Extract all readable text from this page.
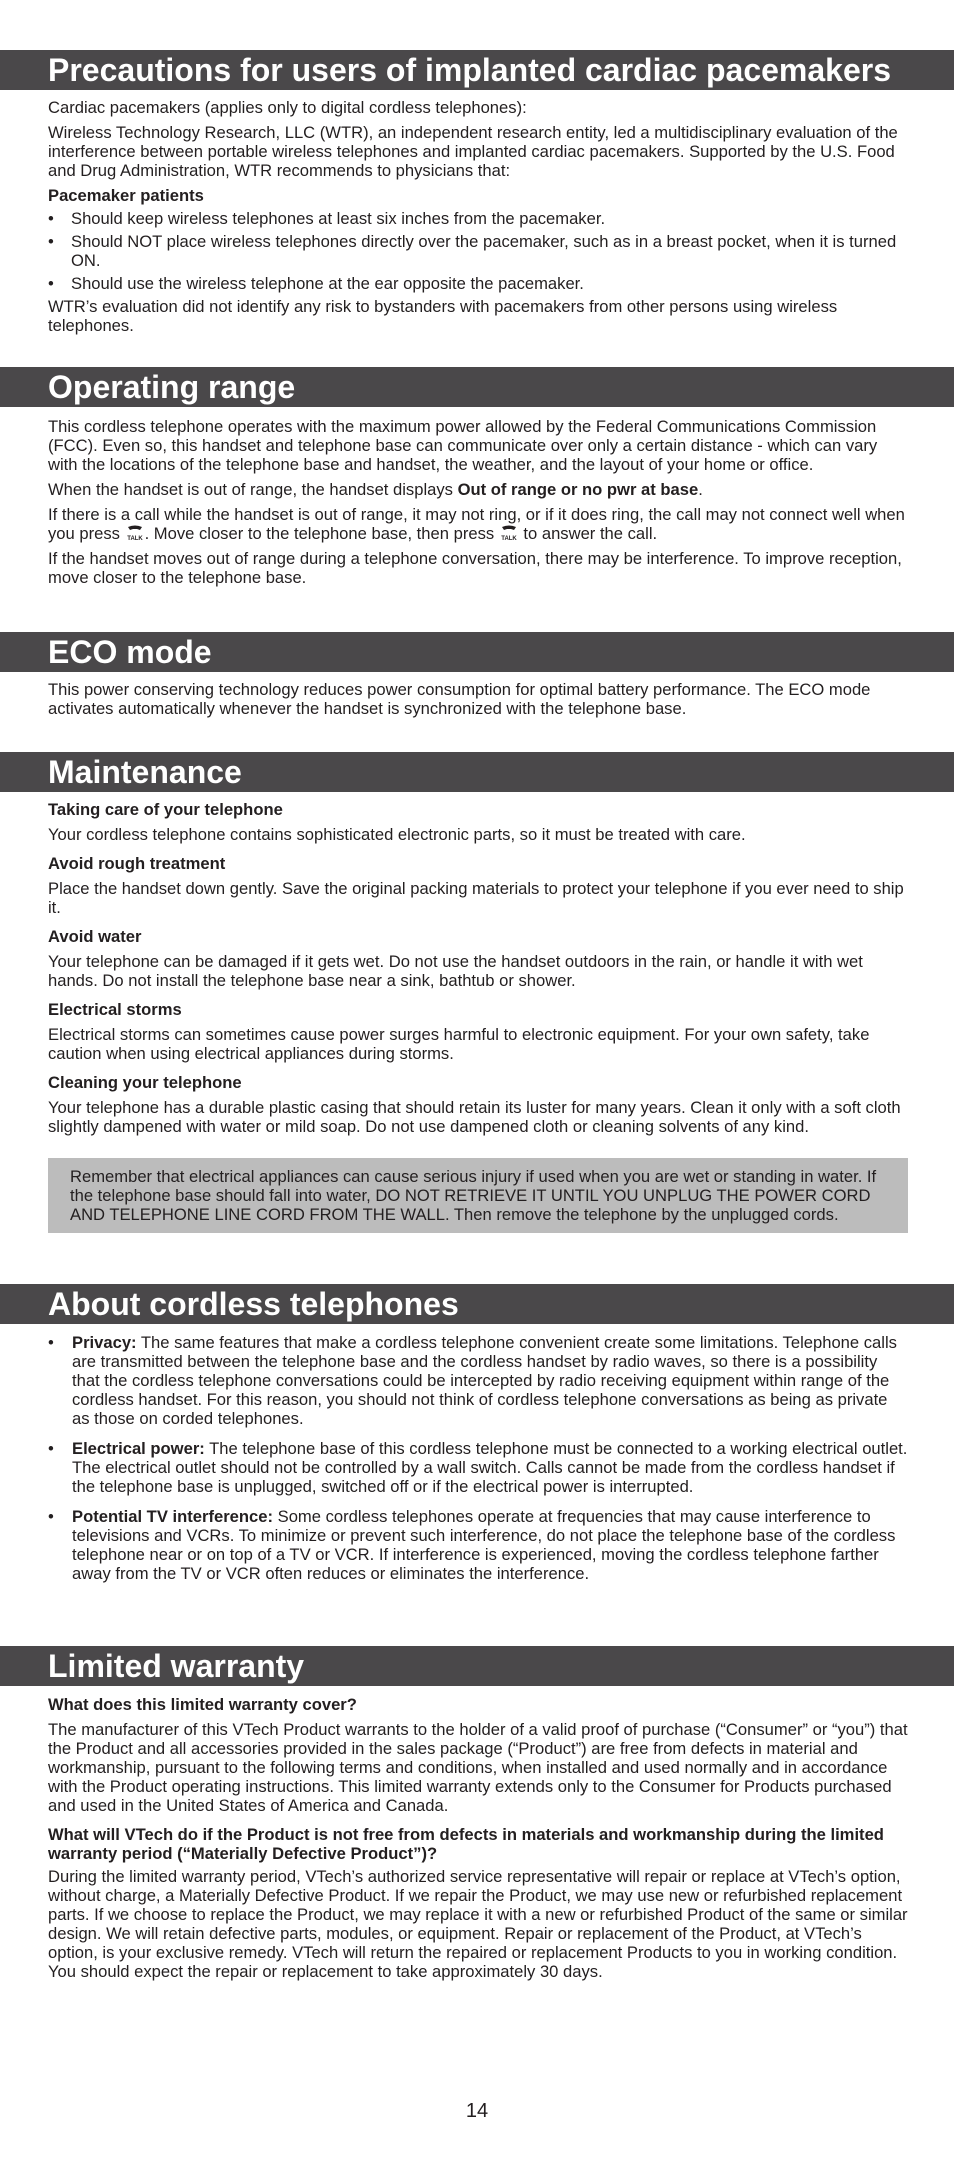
Precautions for users of implanted cardiac pacemakers

Cardiac pacemakers (applies only to digital cordless telephones):

Wireless Technology Research, LLC (WTR), an independent research entity, led a multidisciplinary evaluation of the interference between portable wireless telephones and implanted cardiac pacemakers. Supported by the U.S. Food and Drug Administration, WTR recommends to physicians that:

Pacemaker patients

• Should keep wireless telephones at least six inches from the pacemaker.
• Should NOT place wireless telephones directly over the pacemaker, such as in a breast pocket, when it is turned ON.
• Should use the wireless telephone at the ear opposite the pacemaker.

WTR’s evaluation did not identify any risk to bystanders with pacemakers from other persons using wireless telephones.

Operating range

This cordless telephone operates with the maximum power allowed by the Federal Communications Commission (FCC). Even so, this handset and telephone base can communicate over only a certain distance - which can vary with the locations of the telephone base and handset, the weather, and the layout of your home or office.

When the handset is out of range, the handset displays Out of range or no pwr at base.

If there is a call while the handset is out of range, it may not ring, or if it does ring, the call may not connect well when you press TALK . Move closer to the telephone base, then press TALK to answer the call.

If the handset moves out of range during a telephone conversation, there may be interference. To improve reception, move closer to the telephone base.

ECO mode

This power conserving technology reduces power consumption for optimal battery performance. The ECO mode activates automatically whenever the handset is synchronized with the telephone base.

Maintenance

Taking care of your telephone

Your cordless telephone contains sophisticated electronic parts, so it must be treated with care.

Avoid rough treatment

Place the handset down gently. Save the original packing materials to protect your telephone if you ever need to ship it.

Avoid water

Your telephone can be damaged if it gets wet. Do not use the handset outdoors in the rain, or handle it with wet hands. Do not install the telephone base near a sink, bathtub or shower.

Electrical storms

Electrical storms can sometimes cause power surges harmful to electronic equipment. For your own safety, take caution when using electrical appliances during storms.

Cleaning your telephone

Your telephone has a durable plastic casing that should retain its luster for many years. Clean it only with a soft cloth slightly dampened with water or mild soap. Do not use dampened cloth or cleaning solvents of any kind.

Remember that electrical appliances can cause serious injury if used when you are wet or standing in water. If the telephone base should fall into water, DO NOT RETRIEVE IT UNTIL YOU UNPLUG THE POWER CORD AND TELEPHONE LINE CORD FROM THE WALL. Then remove the telephone by the unplugged cords.
About cordless telephones
• Privacy: The same features that make a cordless telephone convenient create some limitations. Telephone calls are transmitted between the telephone base and the cordless handset by radio waves, so there is a possibility that the cordless telephone conversations could be intercepted by radio receiving equipment within range of the cordless handset. For this reason, you should not think of cordless telephone conversations as being as private as those on corded telephones.
• Electrical power: The telephone base of this cordless telephone must be connected to a working electrical outlet. The electrical outlet should not be controlled by a wall switch. Calls cannot be made from the cordless handset if the telephone base is unplugged, switched off or if the electrical power is interrupted.
• Potential TV interference: Some cordless telephones operate at frequencies that may cause interference to televisions and VCRs. To minimize or prevent such interference, do not place the telephone base of the cordless telephone near or on top of a TV or VCR. If interference is experienced, moving the cordless telephone farther away from the TV or VCR often reduces or eliminates the interference.
Limited warranty

What does this limited warranty cover?

The manufacturer of this VTech Product warrants to the holder of a valid proof of purchase (“Consumer” or “you”) that the Product and all accessories provided in the sales package (“Product”) are free from defects in material and workmanship, pursuant to the following terms and conditions, when installed and used normally and in accordance with the Product operating instructions. This limited warranty extends only to the Consumer for Products purchased and used in the United States of America and Canada.

What will VTech do if the Product is not free from defects in materials and workmanship during the limited warranty period (“Materially Defective Product”)?

During the limited warranty period, VTech’s authorized service representative will repair or replace at VTech’s option, without charge, a Materially Defective Product. If we repair the Product, we may use new or refurbished replacement parts. If we choose to replace the Product, we may replace it with a new or refurbished Product of the same or similar design. We will retain defective parts, modules, or equipment. Repair or replacement of the Product, at VTech’s option, is your exclusive remedy. VTech will return the repaired or replacement Products to you in working condition. You should expect the repair or replacement to take approximately 30 days.

14
